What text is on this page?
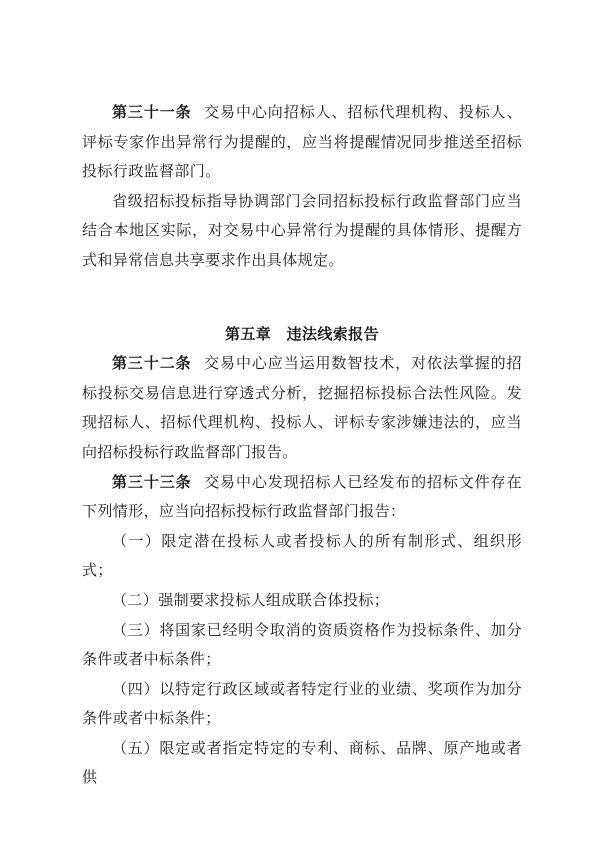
第三十一条 交易中心向招标人、招标代理机构、投标人、评标专家作出异常行为提醒的，应当将提醒情况同步推送至招标投标行政监督部门。

省级招标投标指导协调部门会同招标投标行政监督部门应当结合本地区实际，对交易中心异常行为提醒的具体情形、提醒方式和异常信息共享要求作出具体规定。

第五章　违法线索报告

第三十二条 交易中心应当运用数智技术，对依法掌握的招标投标交易信息进行穿透式分析，挖掘招标投标合法性风险。发现招标人、招标代理机构、投标人、评标专家涉嫌违法的，应当向招标投标行政监督部门报告。

第三十三条 交易中心发现招标人已经发布的招标文件存在下列情形，应当向招标投标行政监督部门报告：

（一）限定潜在投标人或者投标人的所有制形式、组织形式；

（二）强制要求投标人组成联合体投标；

（三）将国家已经明令取消的资质资格作为投标条件、加分条件或者中标条件；

（四）以特定行政区域或者特定行业的业绩、奖项作为加分条件或者中标条件；

（五）限定或者指定特定的专利、商标、品牌、原产地或者供
